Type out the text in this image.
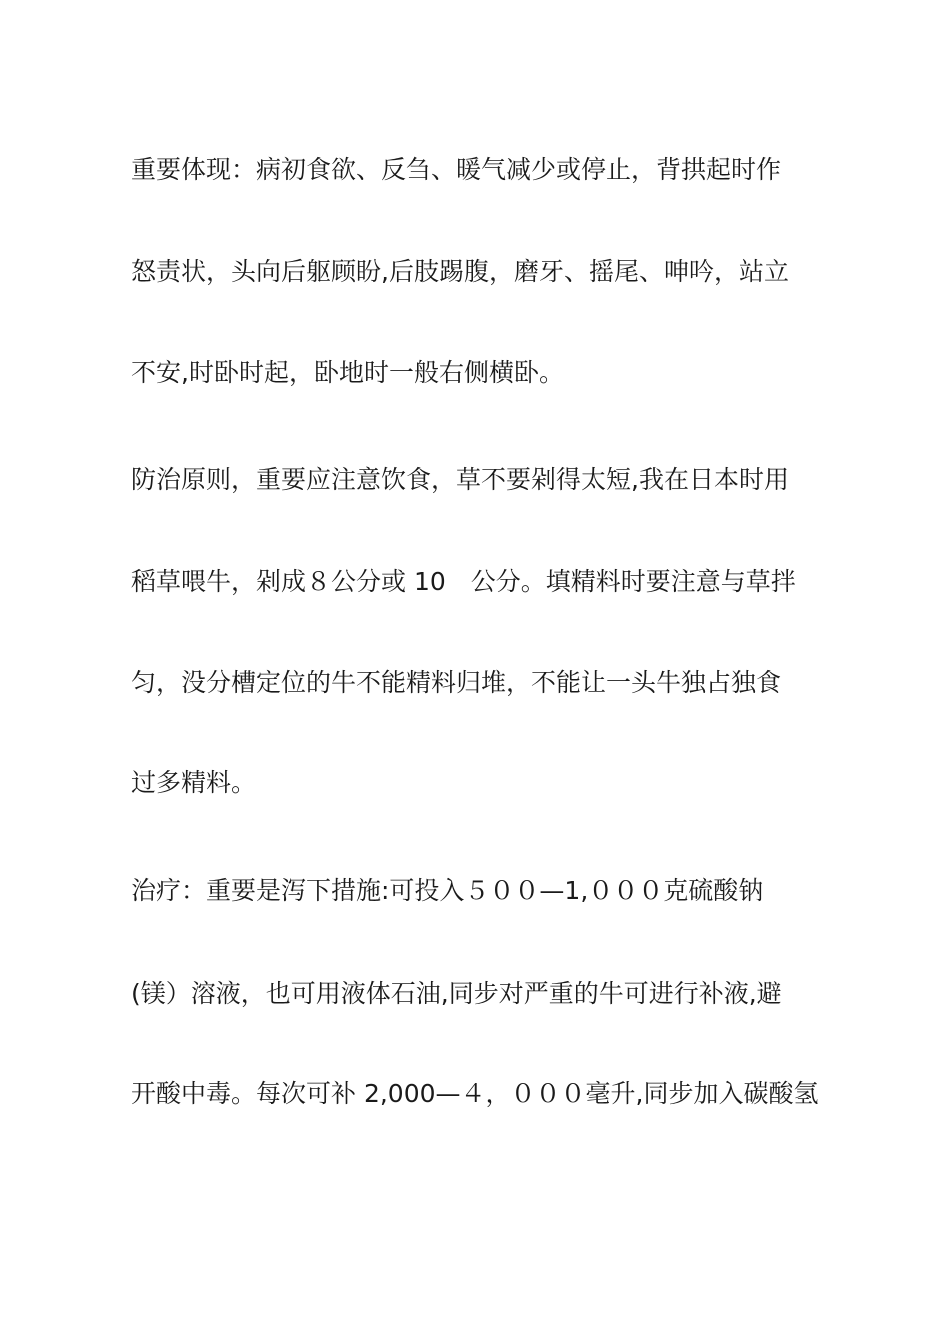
重要体现：病初食欲、反刍、暖气减少或停止，背拱起时作
怒责状，头向后躯顾盼,后肢踢腹，磨牙、摇尾、呻吟，站立
不安,时卧时起，卧地时一般右侧横卧。
防治原则，重要应注意饮食，草不要剁得太短,我在日本时用
稻草喂牛，剁成８公分或 10　公分。填精料时要注意与草拌
匀，没分槽定位的牛不能精料归堆，不能让一头牛独占独食
过多精料。
治疗：重要是泻下措施:可投入５００—1,０００克硫酸钠
(镁）溶液，也可用液体石油,同步对严重的牛可进行补液,避
开酸中毒。每次可补 2,000—４，０００毫升,同步加入碳酸氢
